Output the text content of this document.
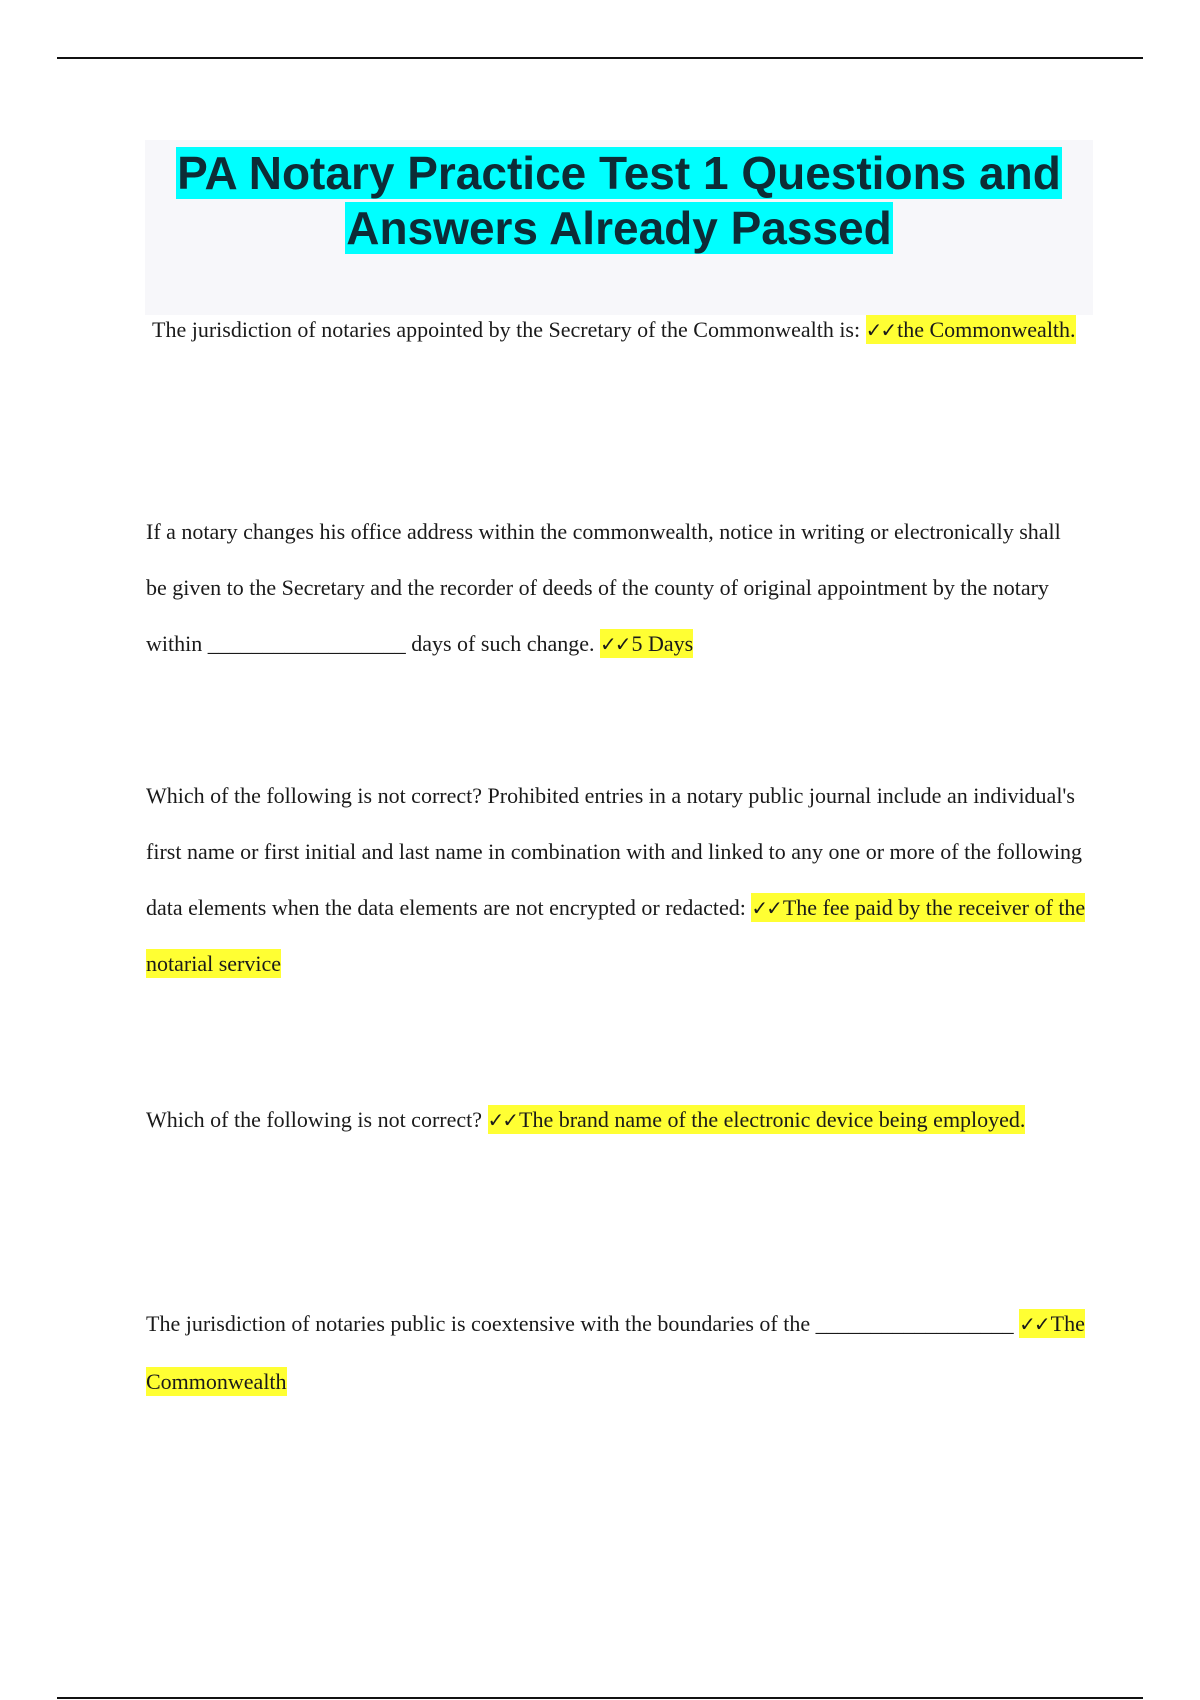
PA Notary Practice Test 1 Questions and
Answers Already Passed

The jurisdiction of notaries appointed by the Secretary of the Commonwealth is: ✓✓the Commonwealth.

If a notary changes his office address within the commonwealth, notice in writing or electronically shall be given to the Secretary and the recorder of deeds of the county of original appointment by the notary within __________________ days of such change. ✓✓5 Days

Which of the following is not correct? Prohibited entries in a notary public journal include an individual's first name or first initial and last name in combination with and linked to any one or more of the following data elements when the data elements are not encrypted or redacted: ✓✓The fee paid by the receiver of the notarial service

Which of the following is not correct? ✓✓The brand name of the electronic device being employed.

The jurisdiction of notaries public is coextensive with the boundaries of the __________________ ✓✓The Commonwealth
